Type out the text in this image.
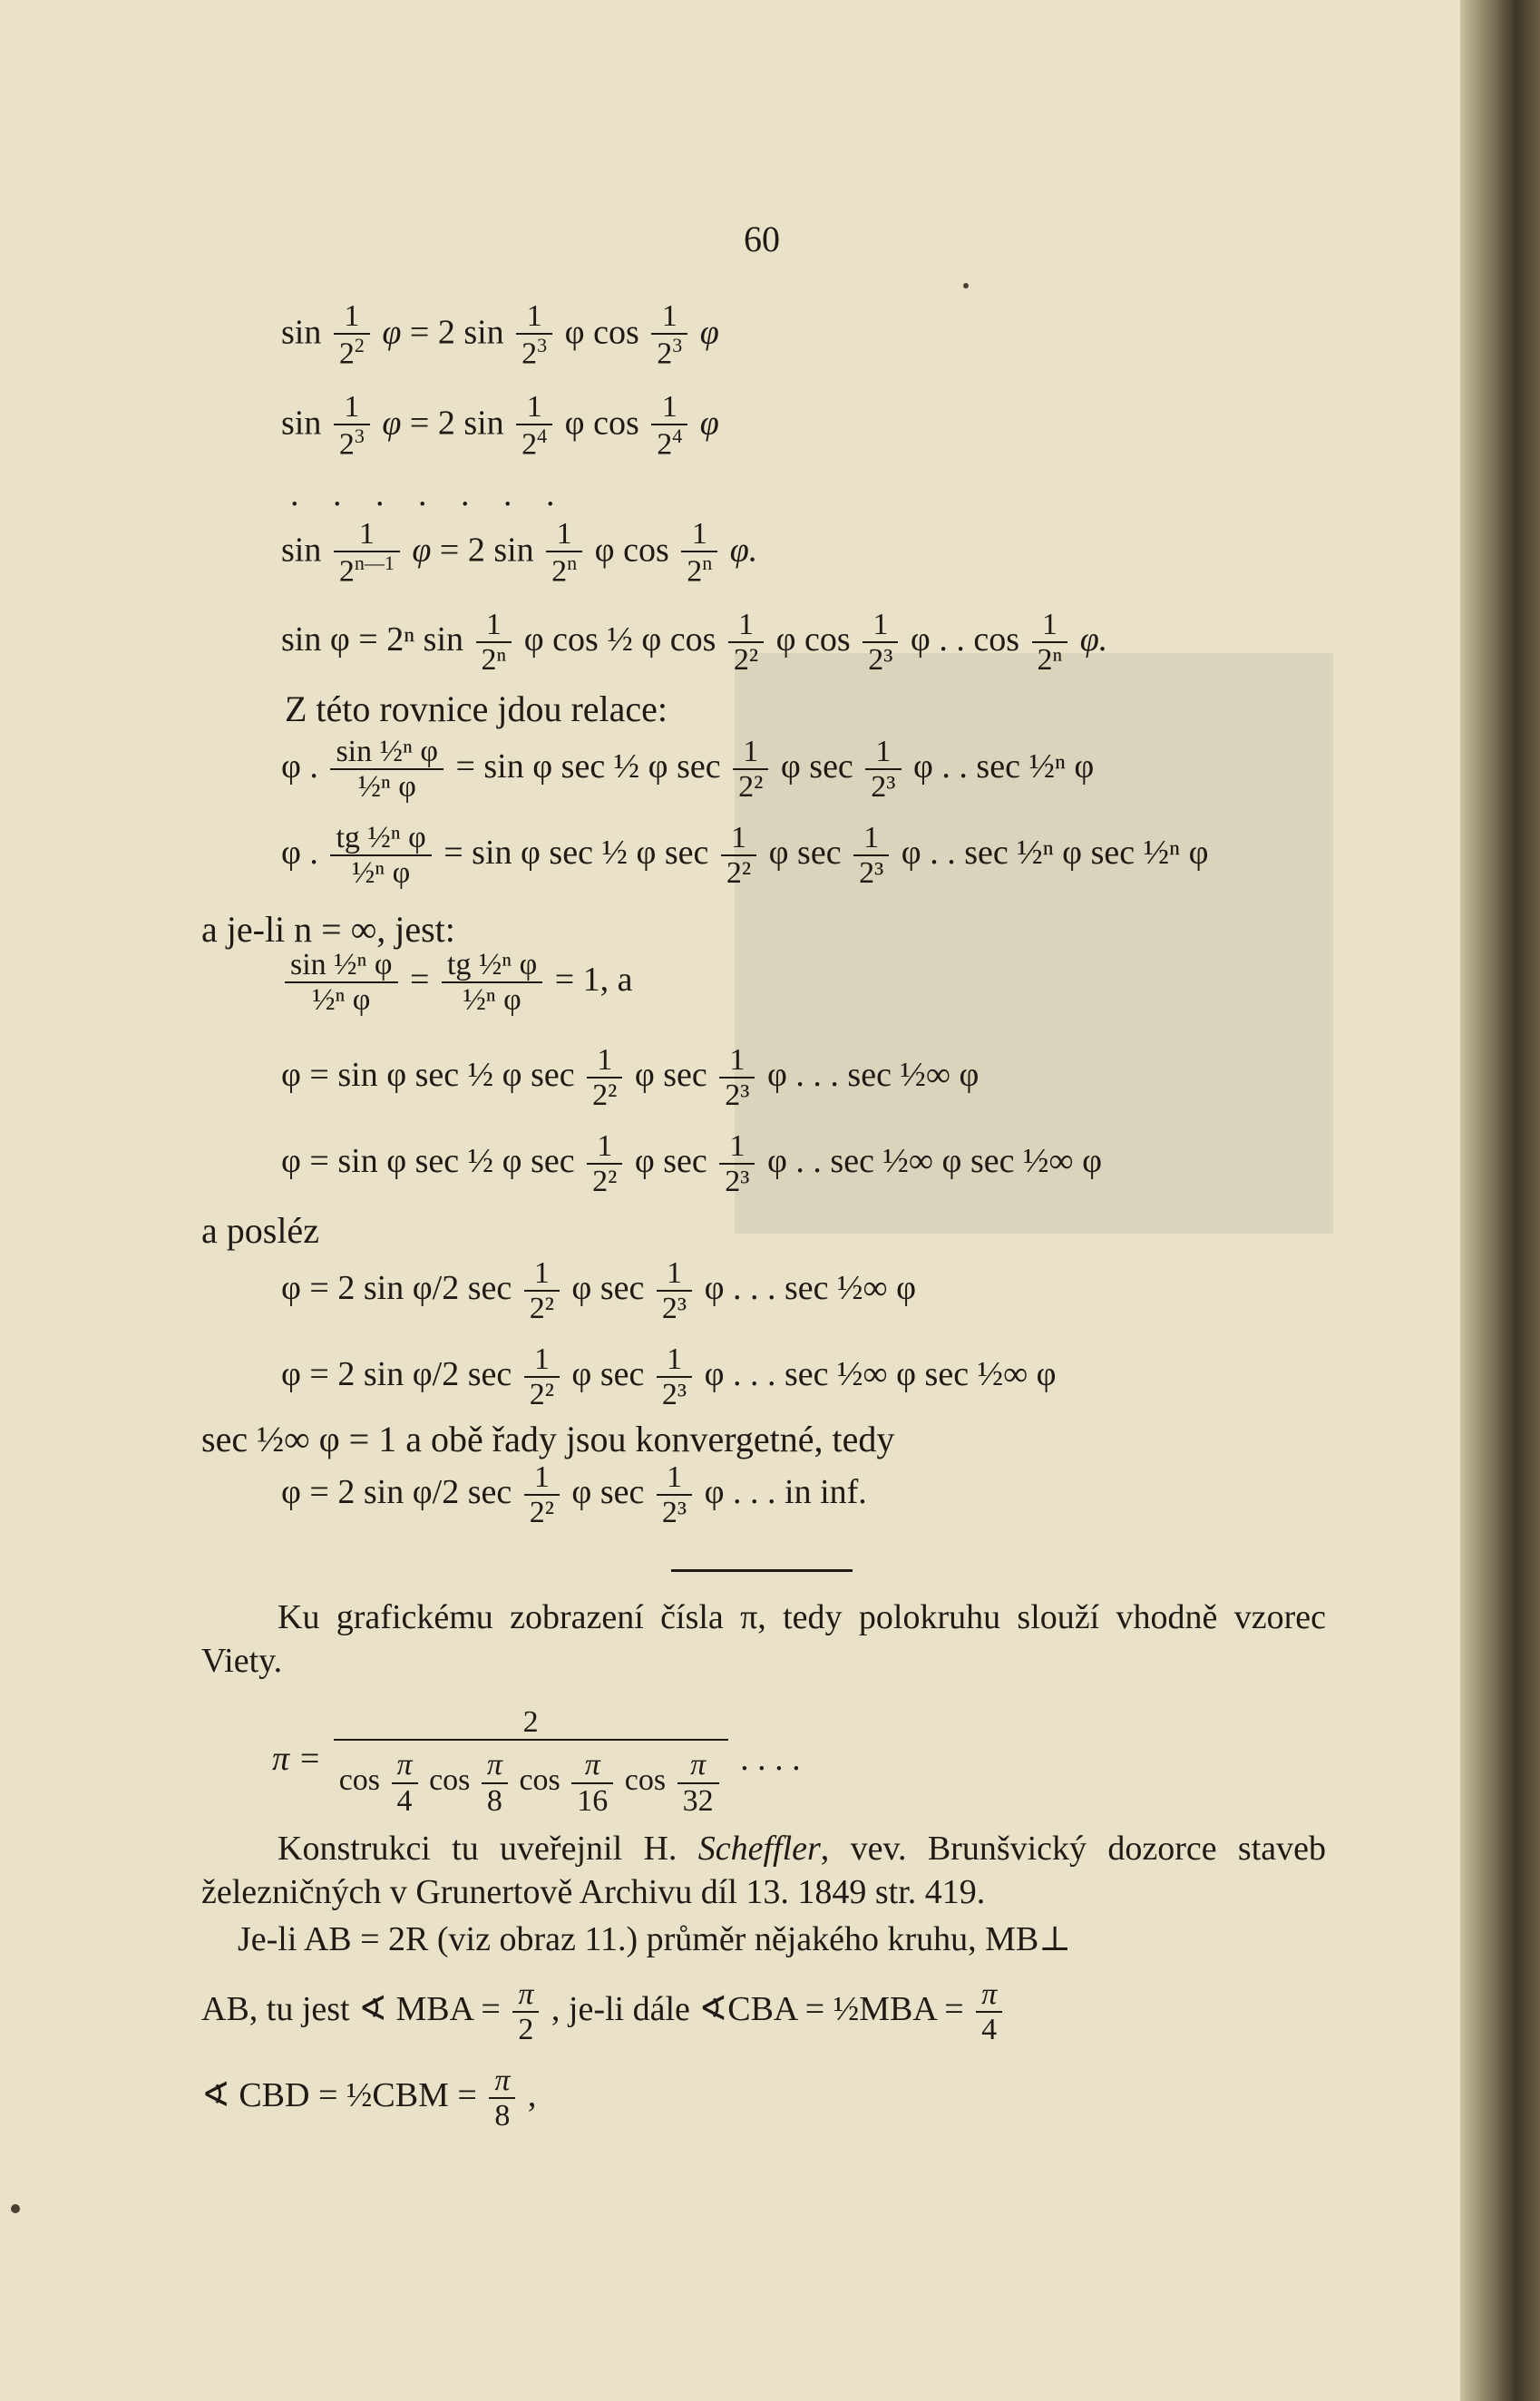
60
$\sin \frac{1}{2^2}$ φ = 2 $\sin \frac{1}{2^3}$ φ $\cos \frac{1}{2^3}$ φ
$\sin \frac{1}{2^3}$ φ = 2 $\sin \frac{1}{2^4}$ φ $\cos \frac{1}{2^4}$ φ
. . . . . . .
$\sin \frac{1}{2^{n—1}}$ φ = 2 $\sin \frac{1}{2^n}$ φ $\cos \frac{1}{2^n} \varphi$.
sin φ = 2ⁿ $\sin \frac{1}{\text{2ⁿ}}$ φ cos ½ φ $\cos \frac{1}{\text{2²}}$ φ $\cos \frac{1}{\text{2³}}$ φ . . $\cos \frac{1}{\text{2ⁿ}} \varphi$.
Z této rovnice jdou relace:
φ . $\frac{\text{sin ½ⁿ φ}}{\text{½ⁿ φ}} = \sin \varphi$ sec ½ φ $\sec \frac{1}{\text{2²}}$ φ $\sec \frac{1}{\text{2³}}$ φ . . sec ½ⁿ φ
φ . $\frac{\text{tg ½ⁿ φ}}{\text{½ⁿ φ}} = \sin \varphi$ sec ½ φ $\sec \frac{1}{\text{2²}}$ φ $\sec \frac{1}{\text{2³}}$ φ . . sec ½ⁿ φ sec ½ⁿ φ
a je-li n = ∞, jest:
$\frac{\text{sin ½ⁿ φ}}{\text{½ⁿ φ}} = \frac{\text{tg ½ⁿ φ}}{\text{½ⁿ φ}} = 1$, a
φ = sin φ sec ½ φ $\sec \frac{1}{\text{2²}}$ φ $\sec \frac{1}{\text{2³}}$ φ . . . sec ½∞ φ
φ = sin φ sec ½ φ $\sec \frac{1}{\text{2²}}$ φ $\sec \frac{1}{\text{2³}}$ φ . . sec ½∞ φ sec ½∞ φ
a posléz
φ = 2 sin φ/2 $\sec \frac{1}{\text{2²}}$ φ $\sec \frac{1}{\text{2³}}$ φ . . . sec ½∞ φ
φ = 2 sin φ/2 $\sec \frac{1}{\text{2²}}$ φ $\sec \frac{1}{\text{2³}}$ φ . . . sec ½∞ φ sec ½∞ φ
sec ½∞ φ = 1 a obě řady jsou konvergetné, tedy
φ = 2 sin φ/2 $\sec \frac{1}{\text{2²}}$ φ $\sec \frac{1}{\text{2³}}$ φ . . . in inf.
Ku grafickému zobrazení čísla π, tedy polokruhu slouží vhodně vzorec Viety.
π =
2
$\cos \frac{\pi}{4}$ $\cos \frac{\pi}{8}$ $\cos \frac{\pi}{16}$ $\cos \frac{\pi}{32}$ . . . .
Konstrukci tu uveřejnil H. Scheffler, vev. Brunšvický dozorce staveb železničných v Grunertově Archivu díl 13. 1849 str. 419.
Je-li AB = 2R (viz obraz 11.) průměr nějakého kruhu, MB⊥
AB, tu jest ∢ MBA = $\frac{\pi}{2}$ , je-li dále ∢CBA = ½MBA = $\frac{\pi}{4}$
∢ CBD = ½CBM = $\frac{\pi}{8}$ ,
